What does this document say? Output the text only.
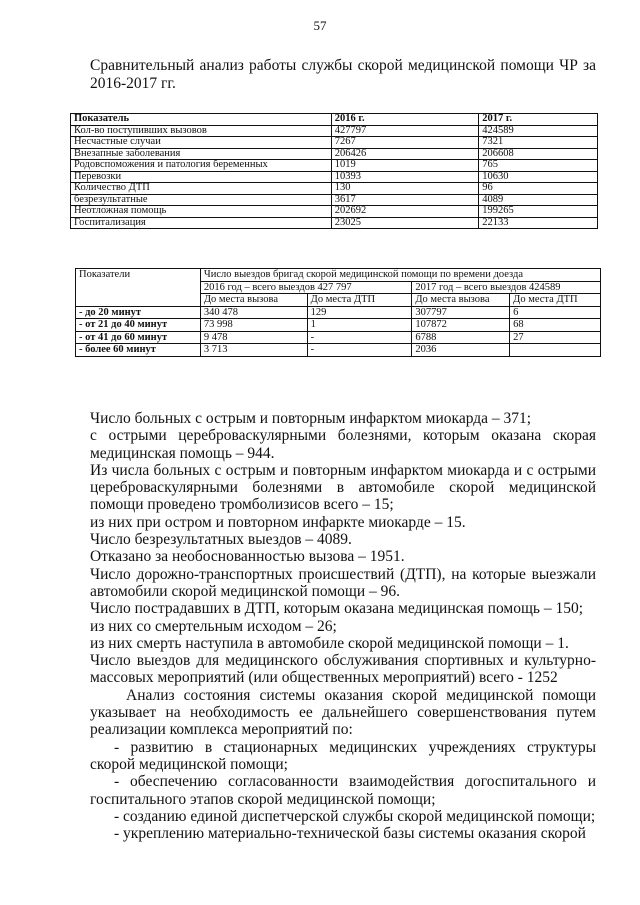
57
Сравнительный анализ работы службы скорой медицинской помощи ЧР за 2016-2017 гг.
Показатель	2016 г.	2017 г.
Кол-во поступивших вызовов	427797	424589
Несчастные случаи	7267	7321
Внезапные заболевания	206426	206608
Родовспоможения и патология беременных	1019	765
Перевозки	10393	10630
Количество ДТП	130	96
безрезультатные	3617	4089
Неотложная помощь	202692	199265
Госпитализация	23025	22133
Показатели	Число выездов бригад скорой медицинской помощи по времени доезда			
	2016 год – всего выездов 427 797		2017 год – всего выездов 424589	
	До места вызова	До места ДТП	До места вызова	До места ДТП
- до 20 минут	340 478	129	307797	6
- от 21 до 40 минут	73 998	1	107872	68
- от 41 до 60 минут	9 478	-	6788	27
- более 60 минут	3 713	-	2036	

Число больных с острым и повторным инфарктом миокарда – 371;

с острыми цереброваскулярными болезнями, которым оказана скорая медицинская помощь – 944.

Из числа больных с острым и повторным инфарктом миокарда и с острыми цереброваскулярными болезнями в автомобиле скорой медицинской помощи проведено тромболизисов всего – 15;

из них при остром и повторном инфаркте миокарде – 15.

Число безрезультатных выездов – 4089.

Отказано за необоснованностью вызова – 1951.

Число дорожно-транспортных происшествий (ДТП), на которые выезжали автомобили скорой медицинской помощи – 96.

Число пострадавших в ДТП, которым оказана медицинская помощь – 150;

из них со смертельным исходом – 26;

из них смерть наступила в автомобиле скорой медицинской помощи – 1.

Число выездов для медицинского обслуживания спортивных и культурно-массовых мероприятий (или общественных мероприятий) всего - 1252

Анализ состояния системы оказания скорой медицинской помощи указывает на необходимость ее дальнейшего совершенствования путем реализации комплекса мероприятий по:

- развитию в стационарных медицинских учреждениях структуры скорой медицинской помощи;

- обеспечению согласованности взаимодействия догоспитального и госпитального этапов скорой медицинской помощи;

- созданию единой диспетчерской службы скорой медицинской помощи;

- укреплению материально-технической базы системы оказания скорой
